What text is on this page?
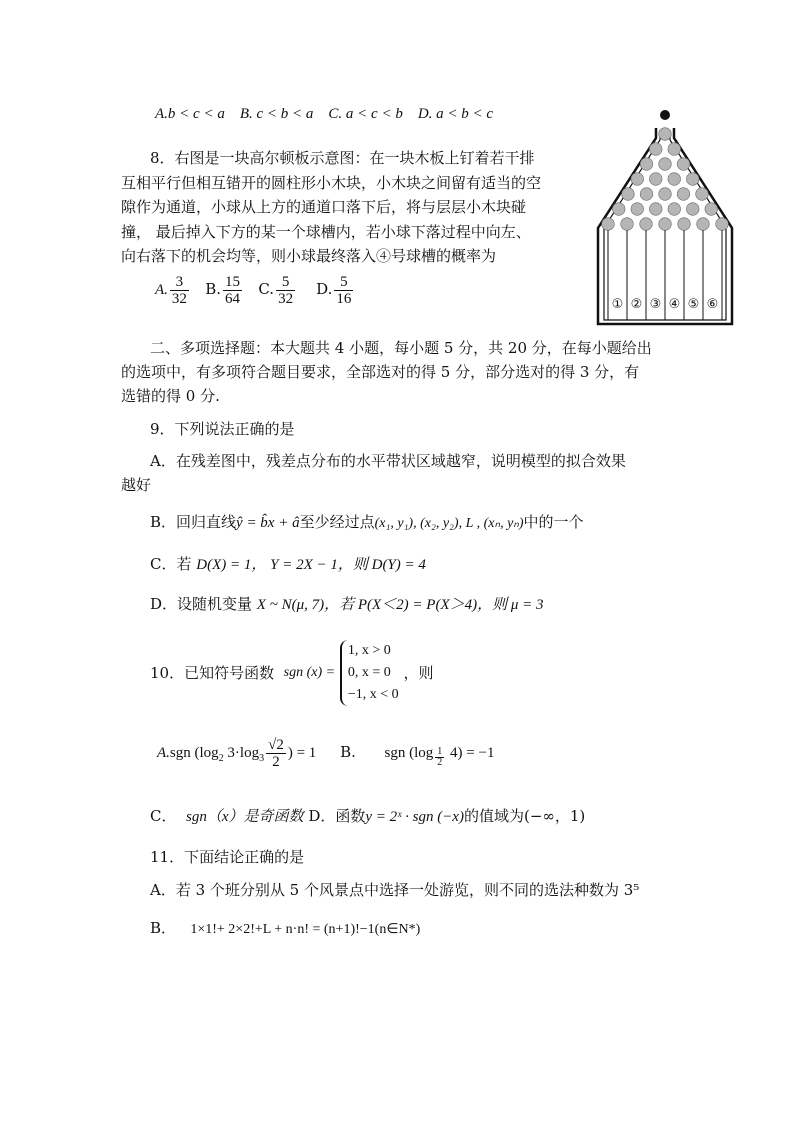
A.b < c < a B. c < b < a C. a < c < b D. a < b < c
8．右图是一块高尔顿板示意图：在一块木板上钉着若干排
互相平行但相互错开的圆柱形小木块，小木块之间留有适当的空
隙作为通道，小球从上方的通道口落下后，将与层层小木块碰
撞， 最后掉入下方的某一个球槽内，若小球下落过程中向左、
向右落下的机会均等，则小球最终落入④号球槽的概率为
A. $\frac{3}{32} B$. $\frac{15}{64} C$. $\frac{5}{32} D$. $\frac{5}{16}$	① ② ③ ④ ⑤ ⑥
二、多项选择题：本大题共 4 小题，每小题 5 分，共 20 分，在每小题给出
的选项中，有多项符合题目要求，全部选对的得 5 分，部分选对的得 3 分，有
选错的得 0 分.
9．下列说法正确的是
A．在残差图中，残差点分布的水平带状区域越窄，说明模型的拟合效果
越好
B．回归直线ŷ = b̂x + â至少经过点(x₁, y₁), (x₂, y₂), L , (xₙ, yₙ)中的一个
C．若 D(X) = 1， Y = 2X − 1，则 D(Y) = 4
D．设随机变量 X ~ N(μ, 7)，若 P(X＜2) = P(X＞4)，则 μ = 3
10．已知符号函数 sgn (x) =
1, x > 0
0, x = 0
−1, x < 0
，则
A.sgn ($\log_2$ $3\cdot\log_3 \frac{√2}{2}$ ) = 1 B. sgn $(\log \frac{1}{2} 4) = -1$
C． sgn（x）是奇函数 D．函数y = 2ˣ · sgn (−x)的值域为(−∞，1)
11．下面结论正确的是
A．若 3 个班分别从 5 个风景点中选择一处游览，则不同的选法种数为 3⁵
B． 1×1!+ 2×2!+L + n·n! = (n+1)!−1(n∈N*)
